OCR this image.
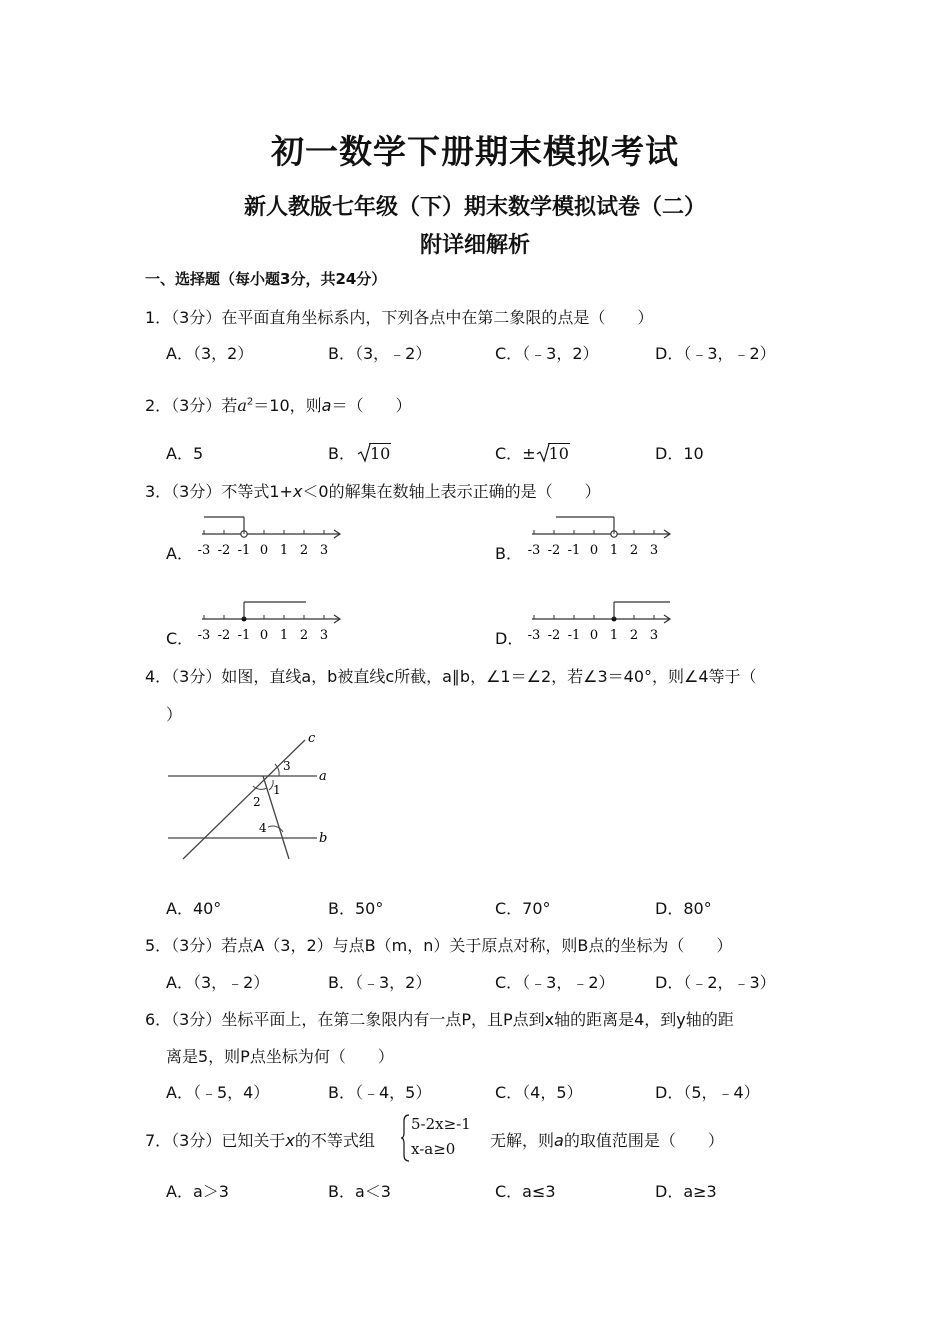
初一数学下册期末模拟考试
新人教版七年级（下）期末数学模拟试卷（二）
附详细解析
一、选择题（每小题3分，共24分）
1．（3分）在平面直角坐标系内，下列各点中在第二象限的点是（　　）
A．（3，2）	B．（3，﹣2）	C．（﹣3，2）	D．（﹣3，﹣2）
2．（3分）若$a^2=10$，则a＝（　　）
A．5	B． 10	C．± 10	D．10
3．（3分）不等式1+x＜0的解集在数轴上表示正确的是（　　）
A．	B．
C．	D．
-3 -2 -1 0 1 2 3	-3 -2 -1 0 1 2 3
-3 -2 -1 0 1 2 3	-3 -2 -1 0 1 2 3
4．（3分）如图，直线a，b被直线c所截，a∥b，∠1＝∠2，若∠3＝40°，则∠4等于（
）
c
a
b
3
2
1
4
A．40°	B．50°	C．70°	D．80°
5．（3分）若点A（3，2）与点B（m，n）关于原点对称，则B点的坐标为（　　）
A．（3，﹣2）	B．（﹣3，2）	C．（﹣3，﹣2）	D．（﹣2，﹣3）
6．（3分）坐标平面上，在第二象限内有一点P，且P点到x轴的距离是4，到y轴的距
离是5，则P点坐标为何（　　）
A．（﹣5，4）	B．（﹣4，5）	C．（4，5）	D．（5，﹣4）
7．（3分）已知关于x的不等式组
5-2x≥-1
x-a≥0 无解，则a的取值范围是（　　）
A．a＞3	B．a＜3	C．a≤3	D．a≥3
